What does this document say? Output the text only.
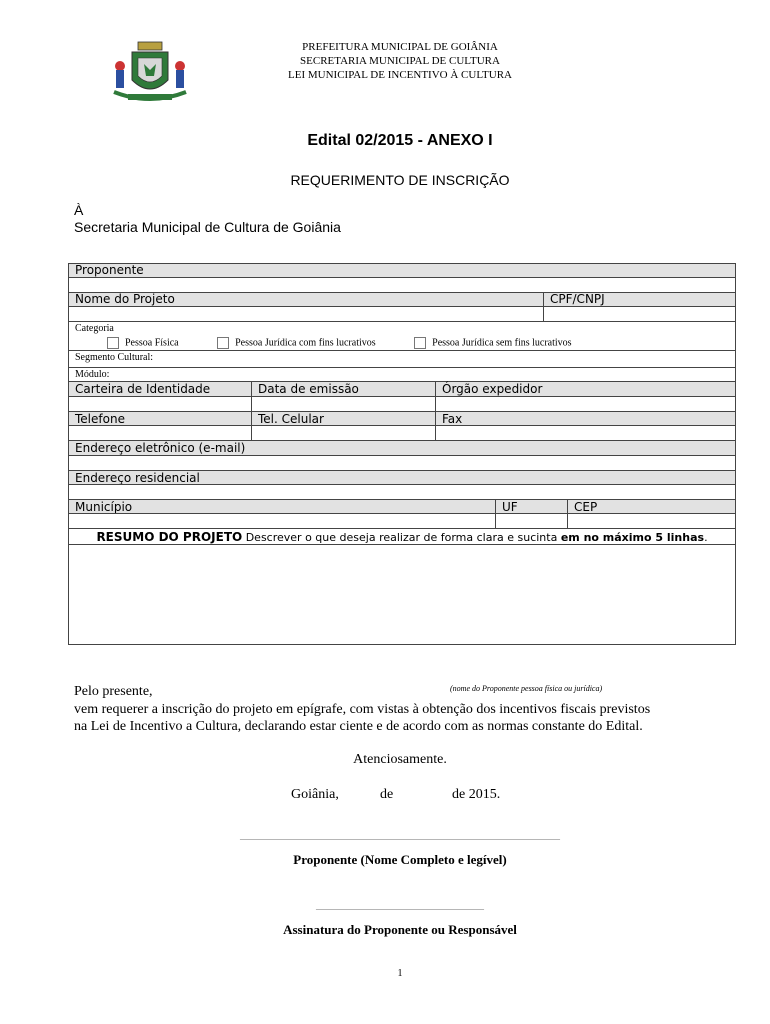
PREFEITURA MUNICIPAL DE GOIÂNIA
SECRETARIA MUNICIPAL DE CULTURA
LEI MUNICIPAL DE INCENTIVO À CULTURA
Edital 02/2015 - ANEXO I
REQUERIMENTO DE INSCRIÇÃO
À
Secretaria Municipal de Cultura de Goiânia
Proponente
Nome do Projeto	CPF/CNPJ
Categoria
Pessoa Física	Pessoa Jurídica com fins lucrativos	Pessoa Jurídica sem fins lucrativos
Segmento Cultural:
Módulo:
Carteira de Identidade	Data de emissão	Órgão expedidor
Telefone	Tel. Celular	Fax
Endereço eletrônico (e-mail)
Endereço residencial
Município	UF	CEP
RESUMO DO PROJETO Descrever o que deseja realizar de forma clara e sucinta em no máximo 5 linhas.
Pelo presente,	(nome do Proponente pessoa física ou jurídica)
vem requerer a inscrição do projeto em epígrafe, com vistas à obtenção dos incentivos fiscais previstos
na Lei de Incentivo a Cultura, declarando estar ciente e de acordo com as normas constante do Edital.
Atenciosamente.
Goiânia,	de	de 2015.
________________________________________________________________________________
Proponente (Nome Completo e legível)
__________________________________________
Assinatura do Proponente ou Responsável
1
